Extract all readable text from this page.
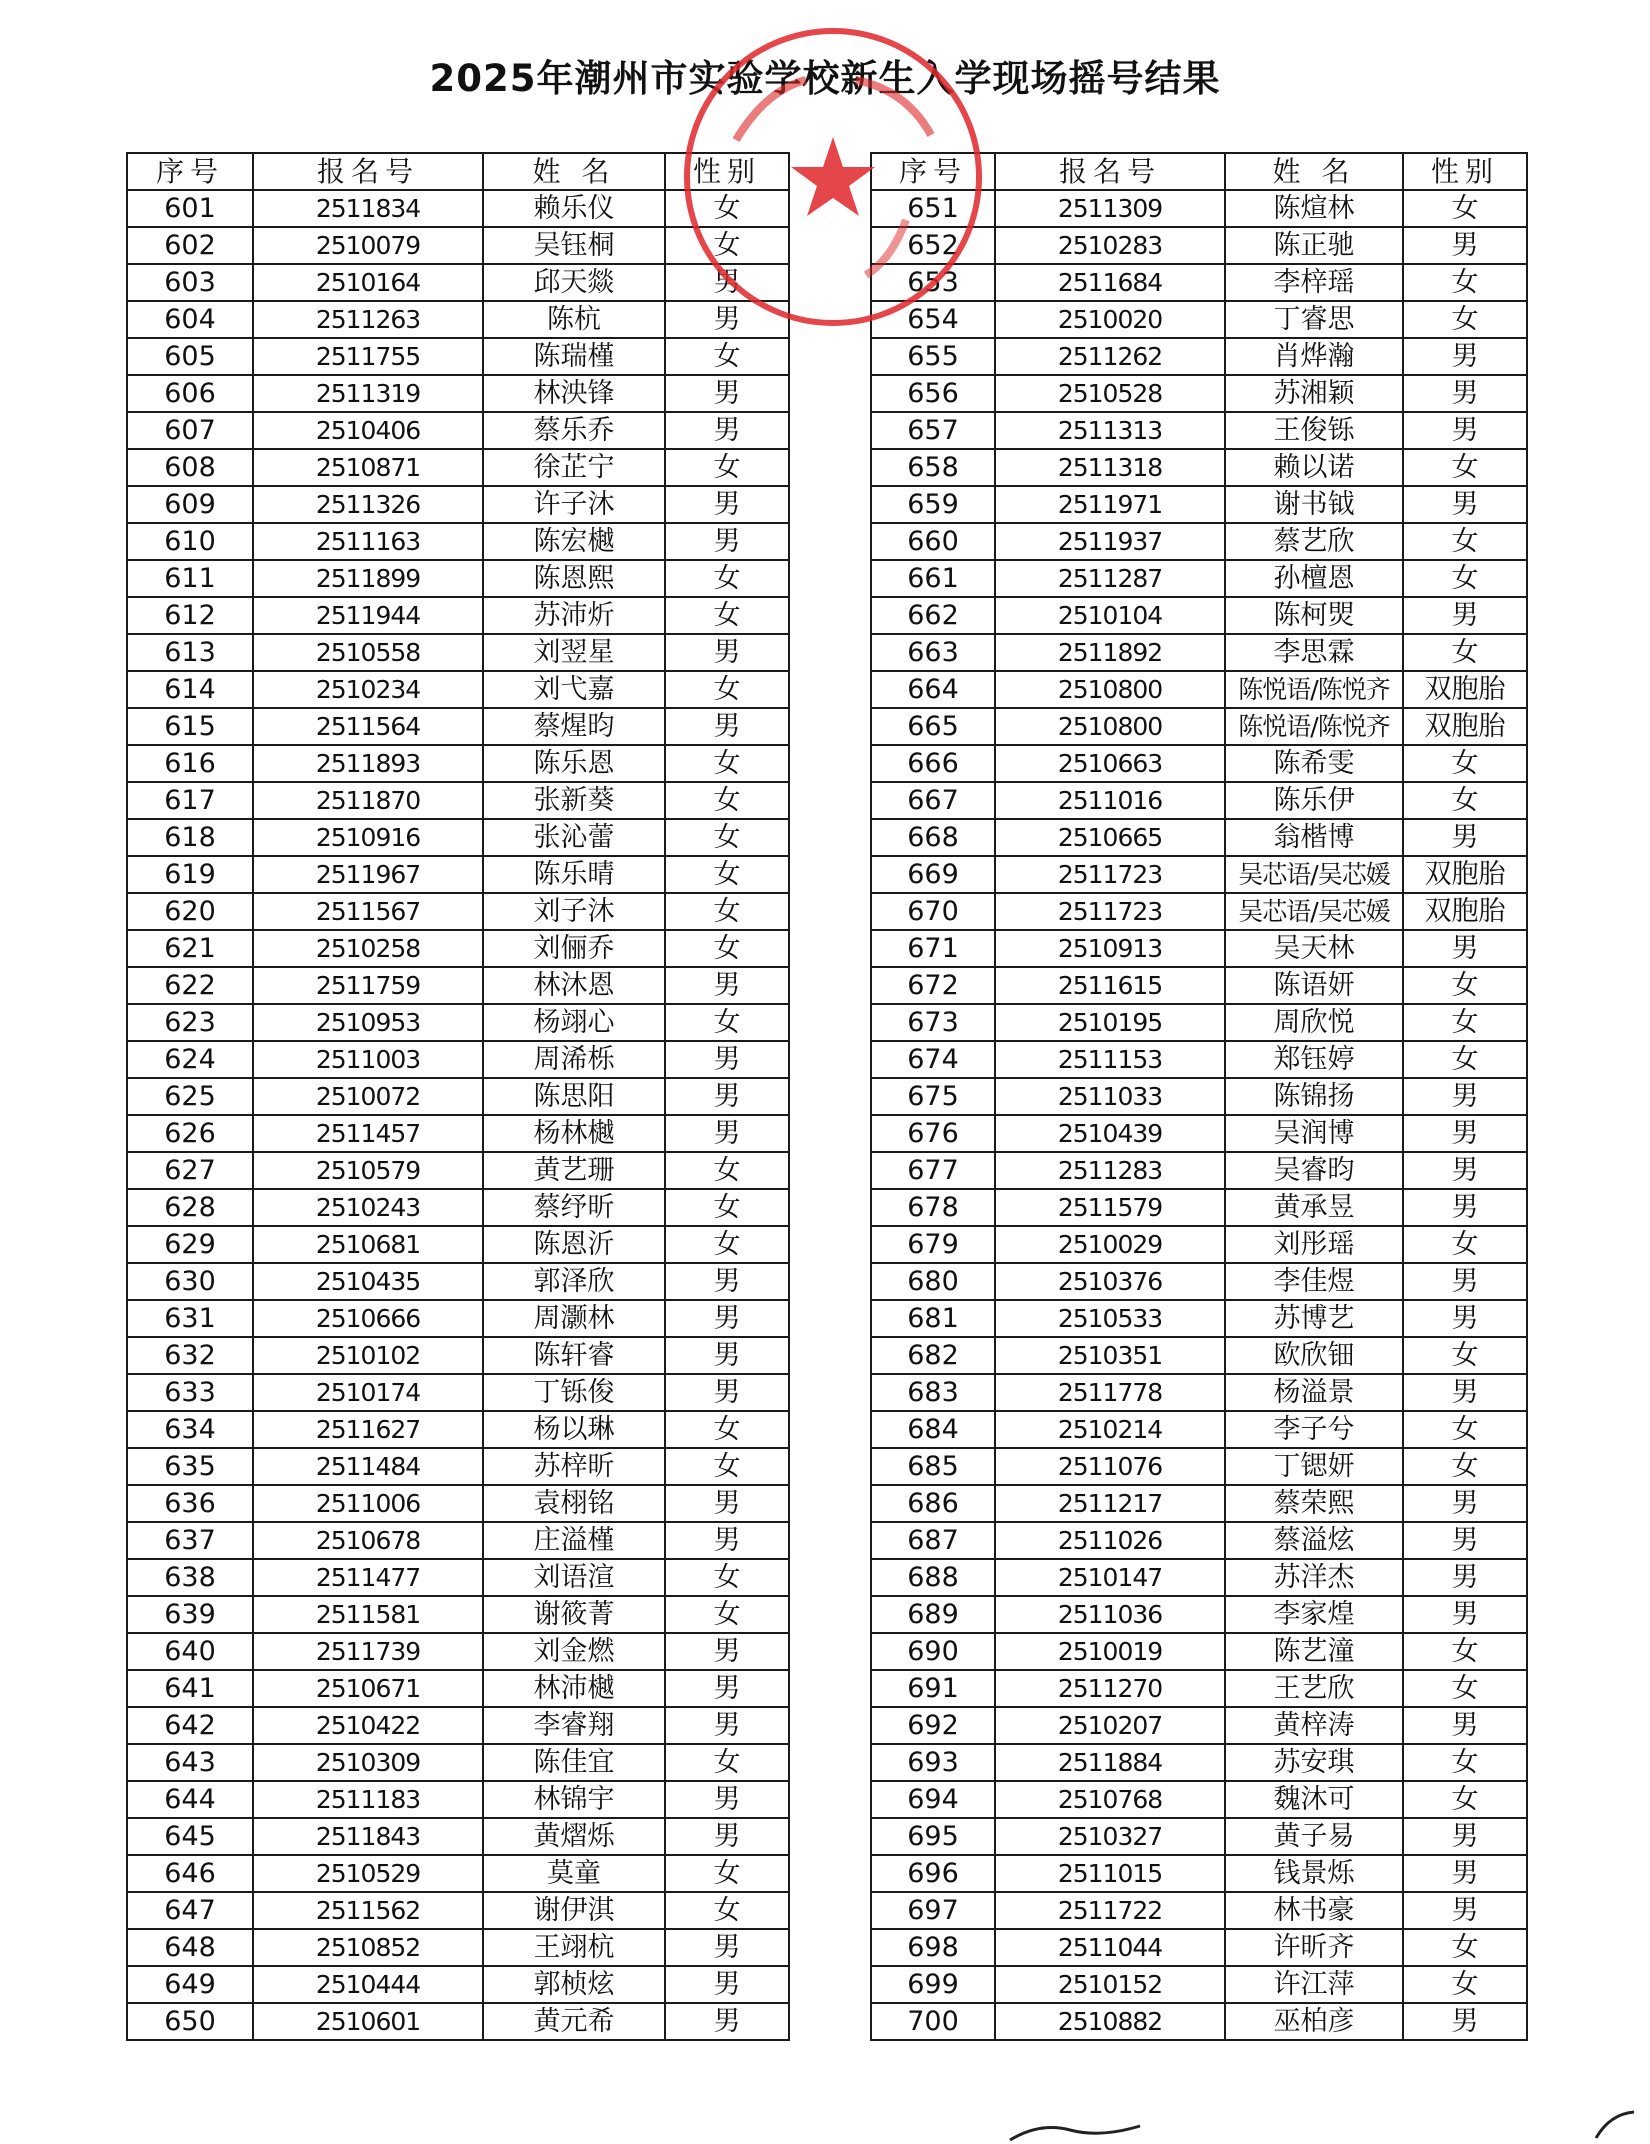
2025年潮州市实验学校新生入学现场摇号结果
序号	报名号	姓 名	性别
601	2511834	赖乐仪	女
602	2510079	吴钰桐	女
603	2510164	邱天燚	男
604	2511263	陈杭	男
605	2511755	陈瑞槿	女
606	2511319	林泱锋	男
607	2510406	蔡乐乔	男
608	2510871	徐芷宁	女
609	2511326	许子沐	男
610	2511163	陈宏樾	男
611	2511899	陈恩熙	女
612	2511944	苏沛炘	女
613	2510558	刘翌星	男
614	2510234	刘弋嘉	女
615	2511564	蔡煋昀	男
616	2511893	陈乐恩	女
617	2511870	张新葵	女
618	2510916	张沁蕾	女
619	2511967	陈乐晴	女
620	2511567	刘子沐	女
621	2510258	刘俪乔	女
622	2511759	林沐恩	男
623	2510953	杨翊心	女
624	2511003	周浠栎	男
625	2510072	陈思阳	男
626	2511457	杨林樾	男
627	2510579	黄艺珊	女
628	2510243	蔡纾昕	女
629	2510681	陈恩沂	女
630	2510435	郭泽欣	男
631	2510666	周灏林	男
632	2510102	陈轩睿	男
633	2510174	丁铄俊	男
634	2511627	杨以琳	女
635	2511484	苏梓昕	女
636	2511006	袁栩铭	男
637	2510678	庄溢槿	男
638	2511477	刘语渲	女
639	2511581	谢筱菁	女
640	2511739	刘金燃	男
641	2510671	林沛樾	男
642	2510422	李睿翔	男
643	2510309	陈佳宜	女
644	2511183	林锦宇	男
645	2511843	黄熠烁	男
646	2510529	莫童	女
647	2511562	谢伊淇	女
648	2510852	王翊杭	男
649	2510444	郭桢炫	男
650	2510601	黄元希	男
序号	报名号	姓 名	性别
651	2511309	陈煊林	女
652	2510283	陈正驰	男
653	2511684	李梓瑶	女
654	2510020	丁睿思	女
655	2511262	肖烨瀚	男
656	2510528	苏湘颖	男
657	2511313	王俊铄	男
658	2511318	赖以诺	女
659	2511971	谢书钺	男
660	2511937	蔡艺欣	女
661	2511287	孙檀恩	女
662	2510104	陈柯焸	男
663	2511892	李思霖	女
664	2510800	陈悦语/陈悦齐	双胞胎
665	2510800	陈悦语/陈悦齐	双胞胎
666	2510663	陈希雯	女
667	2511016	陈乐伊	女
668	2510665	翁楷博	男
669	2511723	吴芯语/吴芯媛	双胞胎
670	2511723	吴芯语/吴芯媛	双胞胎
671	2510913	吴天林	男
672	2511615	陈语妍	女
673	2510195	周欣悦	女
674	2511153	郑钰婷	女
675	2511033	陈锦扬	男
676	2510439	吴润博	男
677	2511283	吴睿昀	男
678	2511579	黄承昱	男
679	2510029	刘彤瑶	女
680	2510376	李佳煜	男
681	2510533	苏博艺	男
682	2510351	欧欣钿	女
683	2511778	杨溢景	男
684	2510214	李子兮	女
685	2511076	丁锶妍	女
686	2511217	蔡荣熙	男
687	2511026	蔡溢炫	男
688	2510147	苏洋杰	男
689	2511036	李家煌	男
690	2510019	陈艺潼	女
691	2511270	王艺欣	女
692	2510207	黄梓涛	男
693	2511884	苏安琪	女
694	2510768	魏沐可	女
695	2510327	黄子易	男
696	2511015	钱景烁	男
697	2511722	林书豪	男
698	2511044	许昕齐	女
699	2510152	许江萍	女
700	2510882	巫柏彦	男
